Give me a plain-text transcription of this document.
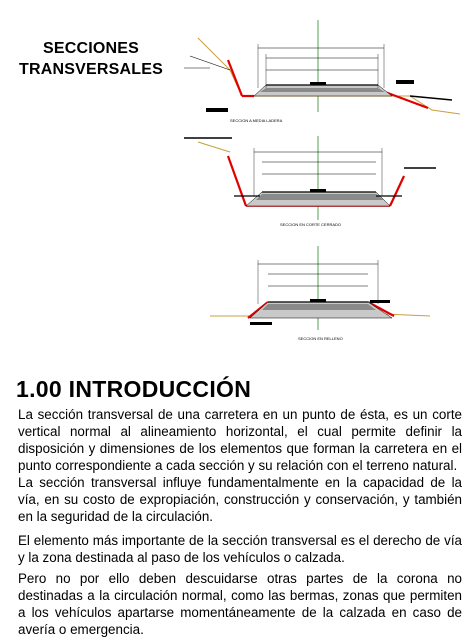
SECCIONES TRANSVERSALES
SECCION A MEDIA LADERA
SECCION EN CORTE CERRADO
SECCION EN RELLENO
1.00 INTRODUCCIÓN

La sección transversal de una carretera en un punto de ésta, es un corte vertical normal al alineamiento horizontal, el cual permite definir la disposición y dimensiones de los elementos que forman la carretera en el punto correspondiente a cada sección y su relación con el terreno natural.

La sección transversal influye fundamentalmente en la capacidad de la vía, en su costo de expropiación, construcción y conservación, y también en la seguridad de la circulación.

El elemento más importante de la sección transversal es el derecho de vía y la zona destinada al paso de los vehículos o calzada.

Pero no por ello deben descuidarse otras partes de la corona no destinadas a la circulación normal, como las bermas, zonas que permiten a los vehículos apartarse momentáneamente de la calzada en caso de avería o emergencia.
